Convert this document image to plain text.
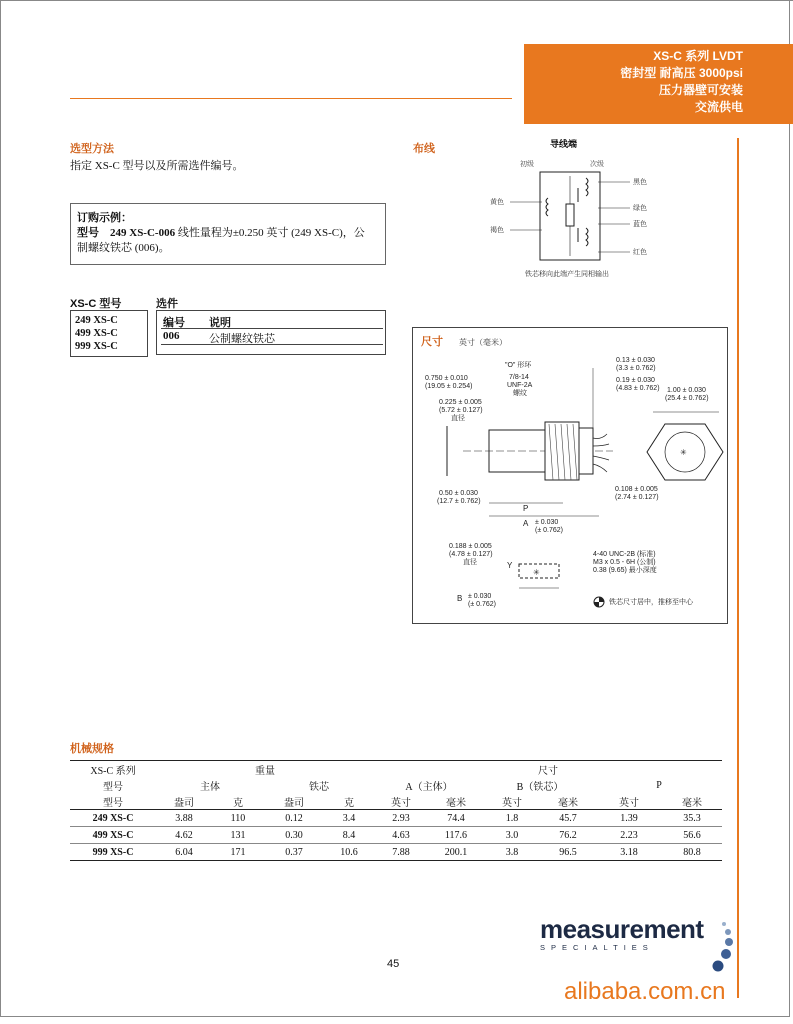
XS-C 系列 LVDT
密封型 耐高压 3000psi
压力器壁可安装
交流供电
选型方法
指定 XS-C 型号以及所需选件编号。
订购示例：
型号 249 XS-C-006 线性量程为±0.250 英寸 (249 XS-C)，公
制螺纹铁芯 (006)。
XS-C 型号	选件
249 XS-C
499 XS-C
999 XS-C
编号 说明
006	公制螺纹铁芯
布线	导线端
初级	次级
黄色
褐色
黑色
绿色
蓝色
红色
铁芯移向此端产生同相输出
尺寸 英寸（毫米）
0.750 ± 0.010
(19.05 ± 0.254)
0.225 ± 0.005
(5.72 ± 0.127)
直径
0.50 ± 0.030
(12.7 ± 0.762)
"O" 形环
7/8-14
UNF-2A
螺纹
0.13 ± 0.030
(3.3 ± 0.762)
0.19 ± 0.030
(4.83 ± 0.762) 1.00 ± 0.030
(25.4 ± 0.762)
0.108 ± 0.005
(2.74 ± 0.127)
P
A ± 0.030
(± 0.762)
0.188 ± 0.005
(4.78 ± 0.127)
直径	Y
B ± 0.030
(± 0.762)
4-40 UNC-2B (标准)
M3 x 0.5 - 6H (公制)
0.38 (9.65) 最小深度
铁芯尺寸居中，推移至中心
✳
✳
机械规格
XS-C 系列	重量				尺寸					
型号	主体		铁芯		A（主体）		B（铁芯）		P	
型号	盎司	克	盎司	克	英寸	毫米	英寸	毫米	英寸	毫米
249 XS-C	3.88	110	0.12	3.4	2.93	74.4	1.8	45.7	1.39	35.3
499 XS-C	4.62	131	0.30	8.4	4.63	117.6	3.0	76.2	2.23	56.6
999 XS-C	6.04	171	0.37	10.6	7.88	200.1	3.8	96.5	3.18	80.8
measurement
SPECIALTIES
45
alibaba.com.cn
